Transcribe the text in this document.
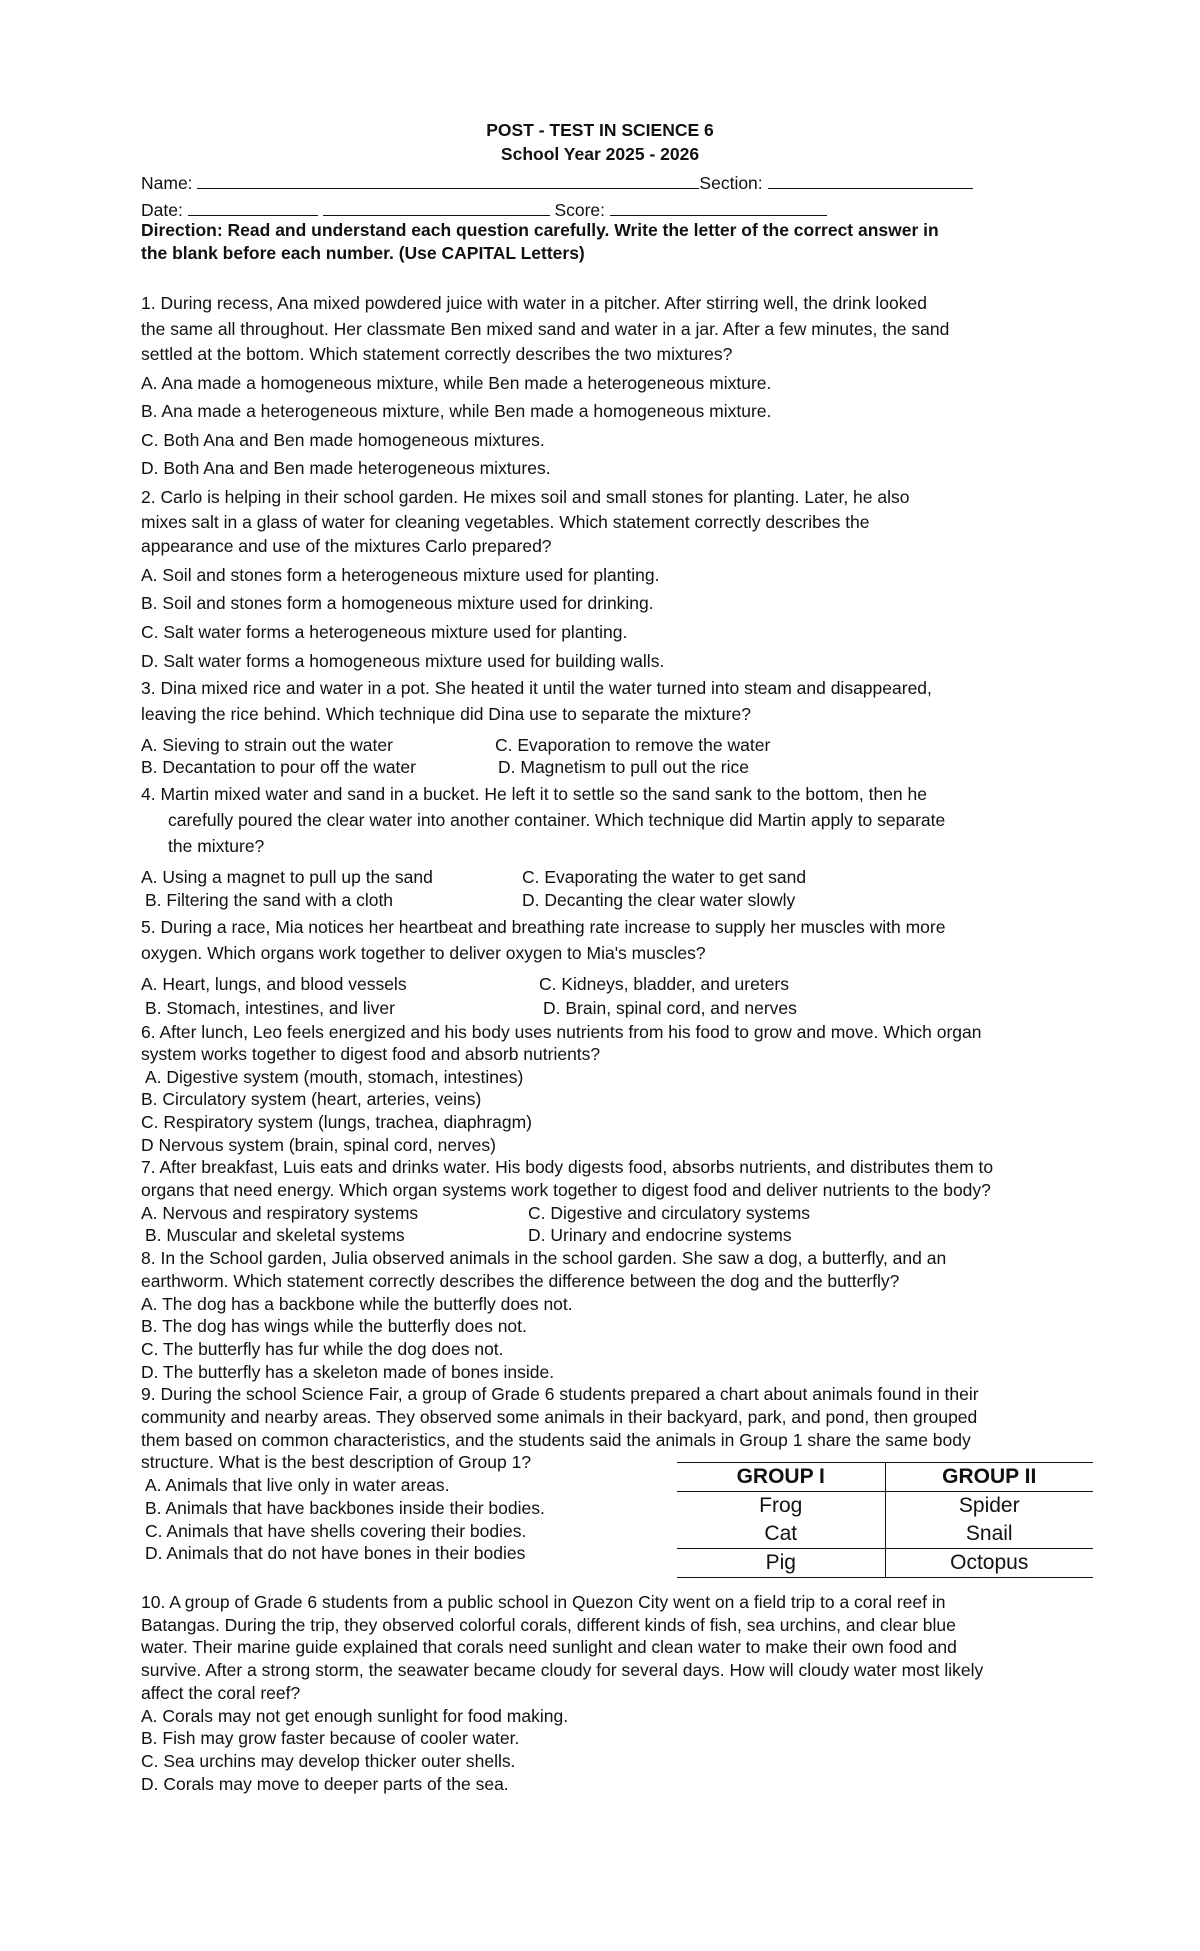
POST - TEST IN SCIENCE 6
School Year 2025 - 2026
Name:	Section:
Date:	Score:
Direction: Read and understand each question carefully. Write the letter of the correct answer in
the blank before each number. (Use CAPITAL Letters)
1. During recess, Ana mixed powdered juice with water in a pitcher. After stirring well, the drink looked
the same all throughout. Her classmate Ben mixed sand and water in a jar. After a few minutes, the sand
settled at the bottom. Which statement correctly describes the two mixtures?
A. Ana made a homogeneous mixture, while Ben made a heterogeneous mixture.
B. Ana made a heterogeneous mixture, while Ben made a homogeneous mixture.
C. Both Ana and Ben made homogeneous mixtures.
D. Both Ana and Ben made heterogeneous mixtures.
2. Carlo is helping in their school garden. He mixes soil and small stones for planting. Later, he also
mixes salt in a glass of water for cleaning vegetables. Which statement correctly describes the
appearance and use of the mixtures Carlo prepared?
A. Soil and stones form a heterogeneous mixture used for planting.
B. Soil and stones form a homogeneous mixture used for drinking.
C. Salt water forms a heterogeneous mixture used for planting.
D. Salt water forms a homogeneous mixture used for building walls.
3. Dina mixed rice and water in a pot. She heated it until the water turned into steam and disappeared,
leaving the rice behind. Which technique did Dina use to separate the mixture?
A. Sieving to strain out the water	C. Evaporation to remove the water
B. Decantation to pour off the water	D. Magnetism to pull out the rice
4. Martin mixed water and sand in a bucket. He left it to settle so the sand sank to the bottom, then he
carefully poured the clear water into another container. Which technique did Martin apply to separate
the mixture?
A. Using a magnet to pull up the sand	C. Evaporating the water to get sand
B. Filtering the sand with a cloth	D. Decanting the clear water slowly
5. During a race, Mia notices her heartbeat and breathing rate increase to supply her muscles with more
oxygen. Which organs work together to deliver oxygen to Mia's muscles?
A. Heart, lungs, and blood vessels	C. Kidneys, bladder, and ureters
B. Stomach, intestines, and liver	D. Brain, spinal cord, and nerves
6. After lunch, Leo feels energized and his body uses nutrients from his food to grow and move. Which organ
system works together to digest food and absorb nutrients?
A. Digestive system (mouth, stomach, intestines)
B. Circulatory system (heart, arteries, veins)
C. Respiratory system (lungs, trachea, diaphragm)
D Nervous system (brain, spinal cord, nerves)
7. After breakfast, Luis eats and drinks water. His body digests food, absorbs nutrients, and distributes them to
organs that need energy. Which organ systems work together to digest food and deliver nutrients to the body?
A. Nervous and respiratory systems	C. Digestive and circulatory systems
B. Muscular and skeletal systems	D. Urinary and endocrine systems
8. In the School garden, Julia observed animals in the school garden. She saw a dog, a butterfly, and an
earthworm. Which statement correctly describes the difference between the dog and the butterfly?
A. The dog has a backbone while the butterfly does not.
B. The dog has wings while the butterfly does not.
C. The butterfly has fur while the dog does not.
D. The butterfly has a skeleton made of bones inside.
9. During the school Science Fair, a group of Grade 6 students prepared a chart about animals found in their
community and nearby areas. They observed some animals in their backyard, park, and pond, then grouped
them based on common characteristics, and the students said the animals in Group 1 share the same body
structure. What is the best description of Group 1?
A. Animals that live only in water areas.
B. Animals that have backbones inside their bodies.
C. Animals that have shells covering their bodies.
D. Animals that do not have bones in their bodies
GROUP I	GROUP II
Frog	Spider
Cat	Snail
Pig	Octopus
10. A group of Grade 6 students from a public school in Quezon City went on a field trip to a coral reef in
Batangas. During the trip, they observed colorful corals, different kinds of fish, sea urchins, and clear blue
water. Their marine guide explained that corals need sunlight and clean water to make their own food and
survive. After a strong storm, the seawater became cloudy for several days. How will cloudy water most likely
affect the coral reef?
A. Corals may not get enough sunlight for food making.
B. Fish may grow faster because of cooler water.
C. Sea urchins may develop thicker outer shells.
D. Corals may move to deeper parts of the sea.
